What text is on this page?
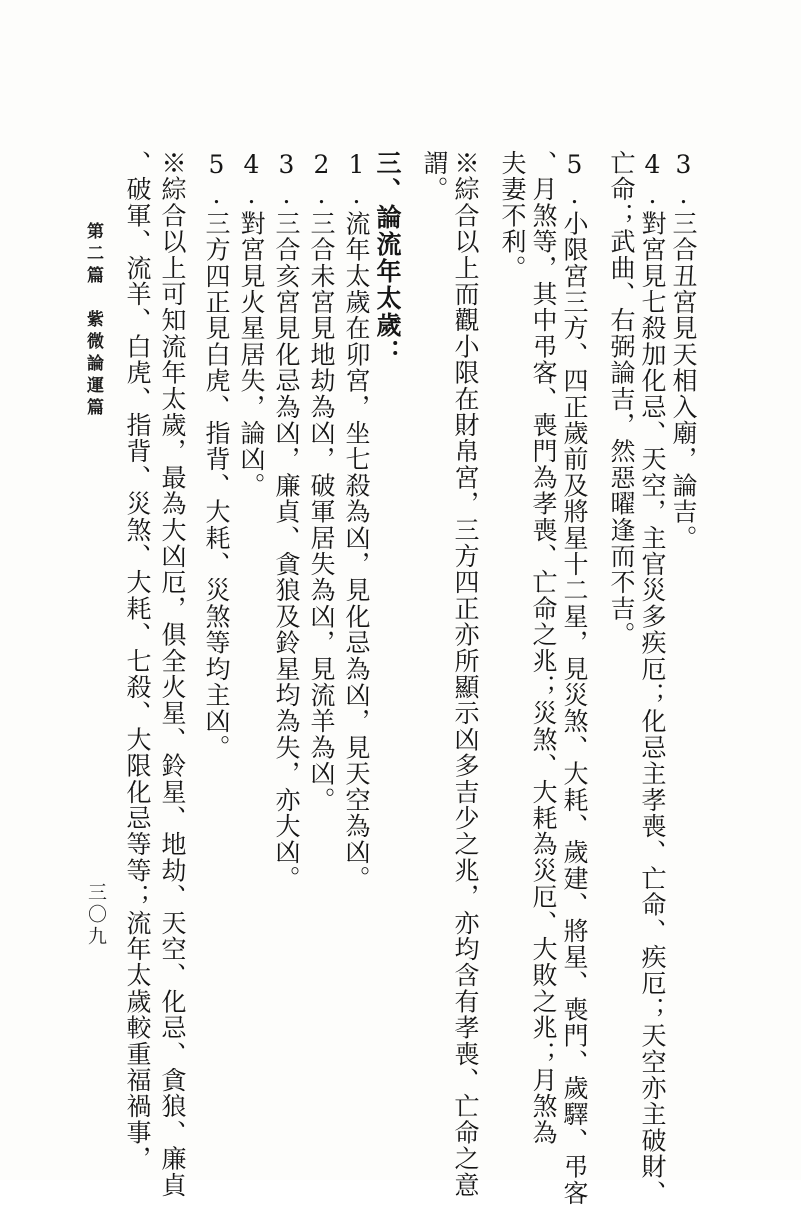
3.三合丑宮見天相入廟，論吉。
4.對宮見七殺加化忌、天空，主官災多疾厄；化忌主孝喪、亡命、疾厄；天空亦主破財、
亡命；武曲、右弼論吉，然惡曜逢而不吉。
5.小限宮三方、四正歲前及將星十二星，見災煞、大耗、歲建、將星、喪門、歲驛、弔客
、月煞等，其中弔客、喪門為孝喪、亡命之兆；災煞、大耗為災厄、大敗之兆；月煞為
夫妻不利。
※綜合以上而觀小限在財帛宮，三方四正亦所顯示凶多吉少之兆，亦均含有孝喪、亡命之意
謂。
三、論流年太歲：
1.流年太歲在卯宮，坐七殺為凶，見化忌為凶，見天空為凶。
2.三合未宮見地劫為凶，破軍居失為凶，見流羊為凶。
3.三合亥宮見化忌為凶，廉貞、貪狼及鈴星均為失，亦大凶。
4.對宮見火星居失，論凶。
5.三方四正見白虎、指背、大耗、災煞等均主凶。
※綜合以上可知流年太歲，最為大凶厄，俱全火星、鈴星、地劫、天空、化忌、貪狼、廉貞
、破軍、流羊、白虎、指背、災煞、大耗、七殺、大限化忌等等；流年太歲較重福禍事，
第二篇　紫微論運篇
三〇九
